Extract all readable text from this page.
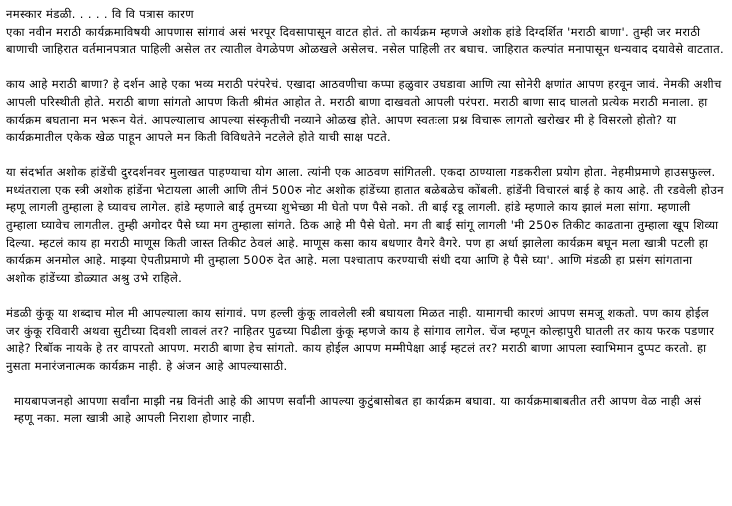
नमस्कार मंडळी. . . . . वि वि पत्रास कारण

एका नवीन मराठी कार्यक्रमाविषयी आपणास सांगावं असं भरपूर दिवसापासून वाटत होतं. तो कार्यक्रम म्हणजे अशोक हांडे दिग्दर्शित 'मराठी बाणा'. तुम्ही जर मराठी बाणाची जाहिरात वर्तमानपत्रात पाहिली असेल तर त्यातील वेगळेपण ओळखले असेलच. नसेल पाहिली तर बघाच. जाहिरात कल्पांत मनापासून धन्यवाद दयावेसे वाटतात.

काय आहे मराठी बाणा? हे दर्शन आहे एका भव्य मराठी परंपरेचं. एखादा आठवणीचा कप्पा हळुवार उघडावा आणि त्या सोनेरी क्षणांत आपण हरवून जावं. नेमकी अशीच आपली परिस्थीती होते. मराठी बाणा सांगतो आपण किती श्रीमंत आहोत ते. मराठी बाणा दाखवतो आपली परंपरा. मराठी बाणा साद घालतो प्रत्येक मराठी मनाला. हा कार्यक्रम बघताना मन भरून येतं. आपल्यालाच आपल्या संस्कृतीची नव्याने ओळख होते. आपण स्वतःला प्रश्न विचारू लागतो खरोखर मी हे विसरलो होतो? या कार्यक्रमातील एकेक खेळ पाहून आपले मन किती विविधतेने नटलेले होते याची साक्ष पटते.

या संदर्भात अशोक हांडेंची दुरदर्शनवर मुलाखत पाहण्याचा योग आला. त्यांनी एक आठवण सांगितली. एकदा ठाण्याला गडकरीला प्रयोग होता. नेहमीप्रमाणे हाउसफुल्ल. मध्यंतराला एक स्त्री अशोक हांडेंना भेटायला आली आणि तीनं 500रु नोट अशोक हांडेंच्या हातात बळेबळेच कोंबली. हांडेंनी विचारलं बाई हे काय आहे. ती रडवेली होउन म्हणू लागली तुम्हाला हे घ्यावच लागेल. हांडे म्हणाले बाई तुमच्या शुभेच्छा मी घेतो पण पैसे नको. ती बाई रडू लागली. हांडे म्हणाले काय झालं मला सांगा. म्हणाली तुम्हाला घ्यावेच लागतील. तुम्ही अगोदर पैसे घ्या मग तुम्हाला सांगते. ठिक आहे मी पैसे घेतो. मग ती बाई सांगू लागली 'मी 250रु तिकीट काढताना तुम्हाला खूप शिव्या दिल्या. म्हटलं काय हा मराठी माणूस किती जास्त तिकीट ठेवलं आहे. माणूस कसा काय बधणार वैगरे वैगरे. पण हा अर्धा झालेला कार्यक्रम बघून मला खात्री पटली हा कार्यक्रम अनमोल आहे. माझ्या ऐपतीप्रमाणे मी तुम्हाला 500रु देत आहे. मला पश्चाताप करण्याची संधी दया आणि हे पैसे घ्या'. आणि मंडळी हा प्रसंग सांगताना अशोक हांडेंच्या डोळ्यात अश्रु उभे राहिले.

मंडळी कुंकू या शब्दाच मोल मी आपल्याला काय सांगावं. पण हल्ली कुंकू लावलेली स्त्री बघायला मिळत नाही. यामागची कारणं आपण समजू शकतो. पण काय होईल जर कुंकू रविवारी अथवा सुटीच्या दिवशी लावलं तर? नाहितर पुढच्या पिढीला कुंकू म्हणजे काय हे सांगाव लागेल. चेंज म्हणून कोल्हापुरी घातली तर काय फरक पडणार आहे? रिबॉक नायके हे तर वापरतो आपण. मराठी बाणा हेच सांगतो. काय होईल आपण मम्मीपेक्षा आई म्हटलं तर? मराठी बाणा आपला स्वाभिमान दुप्पट करतो. हा नुसता मनारंजनात्मक कार्यक्रम नाही. हे अंजन आहे आपल्यासाठी.

मायबापजनहो आपणा सर्वांना माझी नम्र विनंती आहे की आपण सर्वांनी आपल्या कुटुंबासोबत हा कार्यक्रम बघावा. या कार्यक्रमाबाबतीत तरी आपण वेळ नाही असं म्हणू नका. मला खात्री आहे आपली निराशा होणार नाही.
